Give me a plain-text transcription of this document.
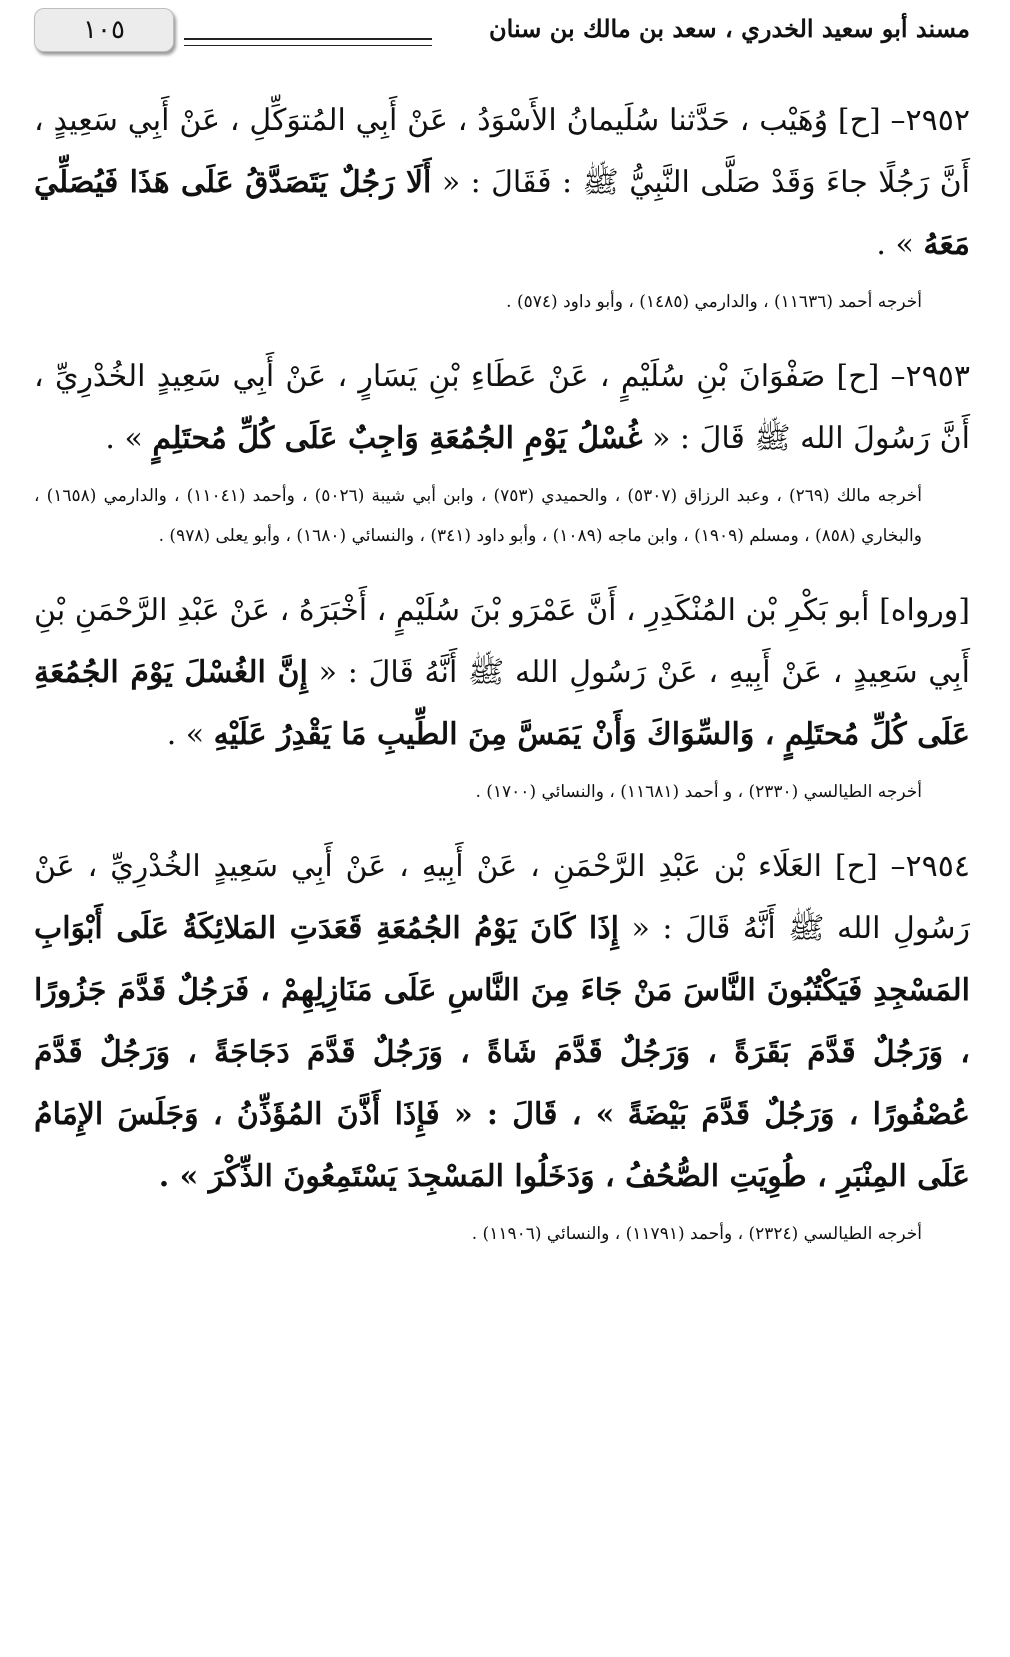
١٠٥	مسند أبو سعيد الخدري ، سعد بن مالك بن سنان

٢٩٥٢– [ح] وُهَيْب ، حَدَّثنا سُلَيمانُ الأَسْوَدُ ، عَنْ أَبِي المُتوَكِّلِ ، عَنْ أَبِي سَعِيدٍ ، أَنَّ رَجُلًا جاءَ وَقَدْ صَلَّى النَّبِيُّ ﷺ : فَقَالَ : « أَلَا رَجُلٌ يَتَصَدَّقُ عَلَى هَذَا فَيُصَلِّيَ مَعَهُ » .

أخرجه أحمد (١١٦٣٦) ، والدارمي (١٤٨٥) ، وأبو داود (٥٧٤) .

٢٩٥٣– [ح] صَفْوَانَ بْنِ سُلَيْمٍ ، عَنْ عَطَاءِ بْنِ يَسَارٍ ، عَنْ أَبِي سَعِيدٍ الخُدْرِيِّ ، أَنَّ رَسُولَ الله ﷺ قَالَ : « غُسْلُ يَوْمِ الجُمُعَةِ وَاجِبٌ عَلَى كُلِّ مُحتَلِمٍ » .

أخرجه مالك (٢٦٩) ، وعبد الرزاق (٥٣٠٧) ، والحميدي (٧٥٣) ، وابن أبي شيبة (٥٠٢٦) ، وأحمد (١١٠٤١) ، والدارمي (١٦٥٨) ، والبخاري (٨٥٨) ، ومسلم (١٩٠٩) ، وابن ماجه (١٠٨٩) ، وأبو داود (٣٤١) ، والنسائي (١٦٨٠) ، وأبو يعلى (٩٧٨) .

[ورواه] أبو بَكْرِ بْن المُنْكَدِرِ ، أَنَّ عَمْرَو بْنَ سُلَيْمٍ ، أَخْبَرَهُ ، عَنْ عَبْدِ الرَّحْمَنِ بْنِ أَبِي سَعِيدٍ ، عَنْ أَبِيهِ ، عَنْ رَسُولِ الله ﷺ أَنَّهُ قَالَ : « إِنَّ الغُسْلَ يَوْمَ الجُمُعَةِ عَلَى كُلِّ مُحتَلِمٍ ، وَالسِّوَاكَ وَأَنْ يَمَسَّ مِنَ الطِّيبِ مَا يَقْدِرُ عَلَيْهِ » .

أخرجه الطيالسي (٢٣٣٠) ، و أحمد (١١٦٨١) ، والنسائي (١٧٠٠) .

٢٩٥٤– [ح] العَلَاء بْن عَبْدِ الرَّحْمَنِ ، عَنْ أَبِيهِ ، عَنْ أَبِي سَعِيدٍ الخُدْرِيِّ ، عَنْ رَسُولِ الله ﷺ أَنَّهُ قَالَ : « إِذَا كَانَ يَوْمُ الجُمُعَةِ قَعَدَتِ المَلائِكَةُ عَلَى أَبْوَابِ المَسْجِدِ فَيَكْتُبُونَ النَّاسَ مَنْ جَاءَ مِنَ النَّاسِ عَلَى مَنَازِلِهِمْ ، فَرَجُلٌ قَدَّمَ جَزُورًا ، وَرَجُلٌ قَدَّمَ بَقَرَةً ، وَرَجُلٌ قَدَّمَ شَاةً ، وَرَجُلٌ قَدَّمَ دَجَاجَةً ، وَرَجُلٌ قَدَّمَ عُصْفُورًا ، وَرَجُلٌ قَدَّمَ بَيْضَةً » ، قَالَ : « فَإِذَا أَذَّنَ المُؤَذِّنُ ، وَجَلَسَ الإِمَامُ عَلَى المِنْبَرِ ، طُوِيَتِ الصُّحُفُ ، وَدَخَلُوا المَسْجِدَ يَسْتَمِعُونَ الذِّكْرَ » .

أخرجه الطيالسي (٢٣٢٤) ، وأحمد (١١٧٩١) ، والنسائي (١١٩٠٦) .
